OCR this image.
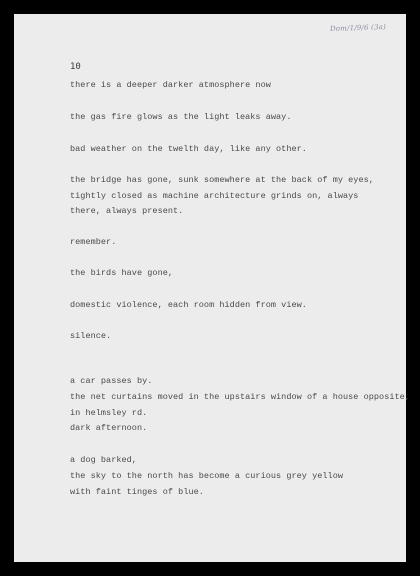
Dom/1/9/6 (3a)
10
there is a deeper darker atmosphere now
the gas fire glows as the light leaks away.
bad weather on the twelth day, like any other.
the bridge has gone, sunk somewhere at the back of my eyes,
tightly closed as machine architecture grinds on, always
there, always present.
remember.
the birds have gone,
domestic violence, each room hidden from view.
silence.
a car passes by.
the net curtains moved in the upstairs window of a house opposite,
in helmsley rd.
dark afternoon.
a dog barked,
the sky to the north has become a curious grey yellow
with faint tinges of blue.
